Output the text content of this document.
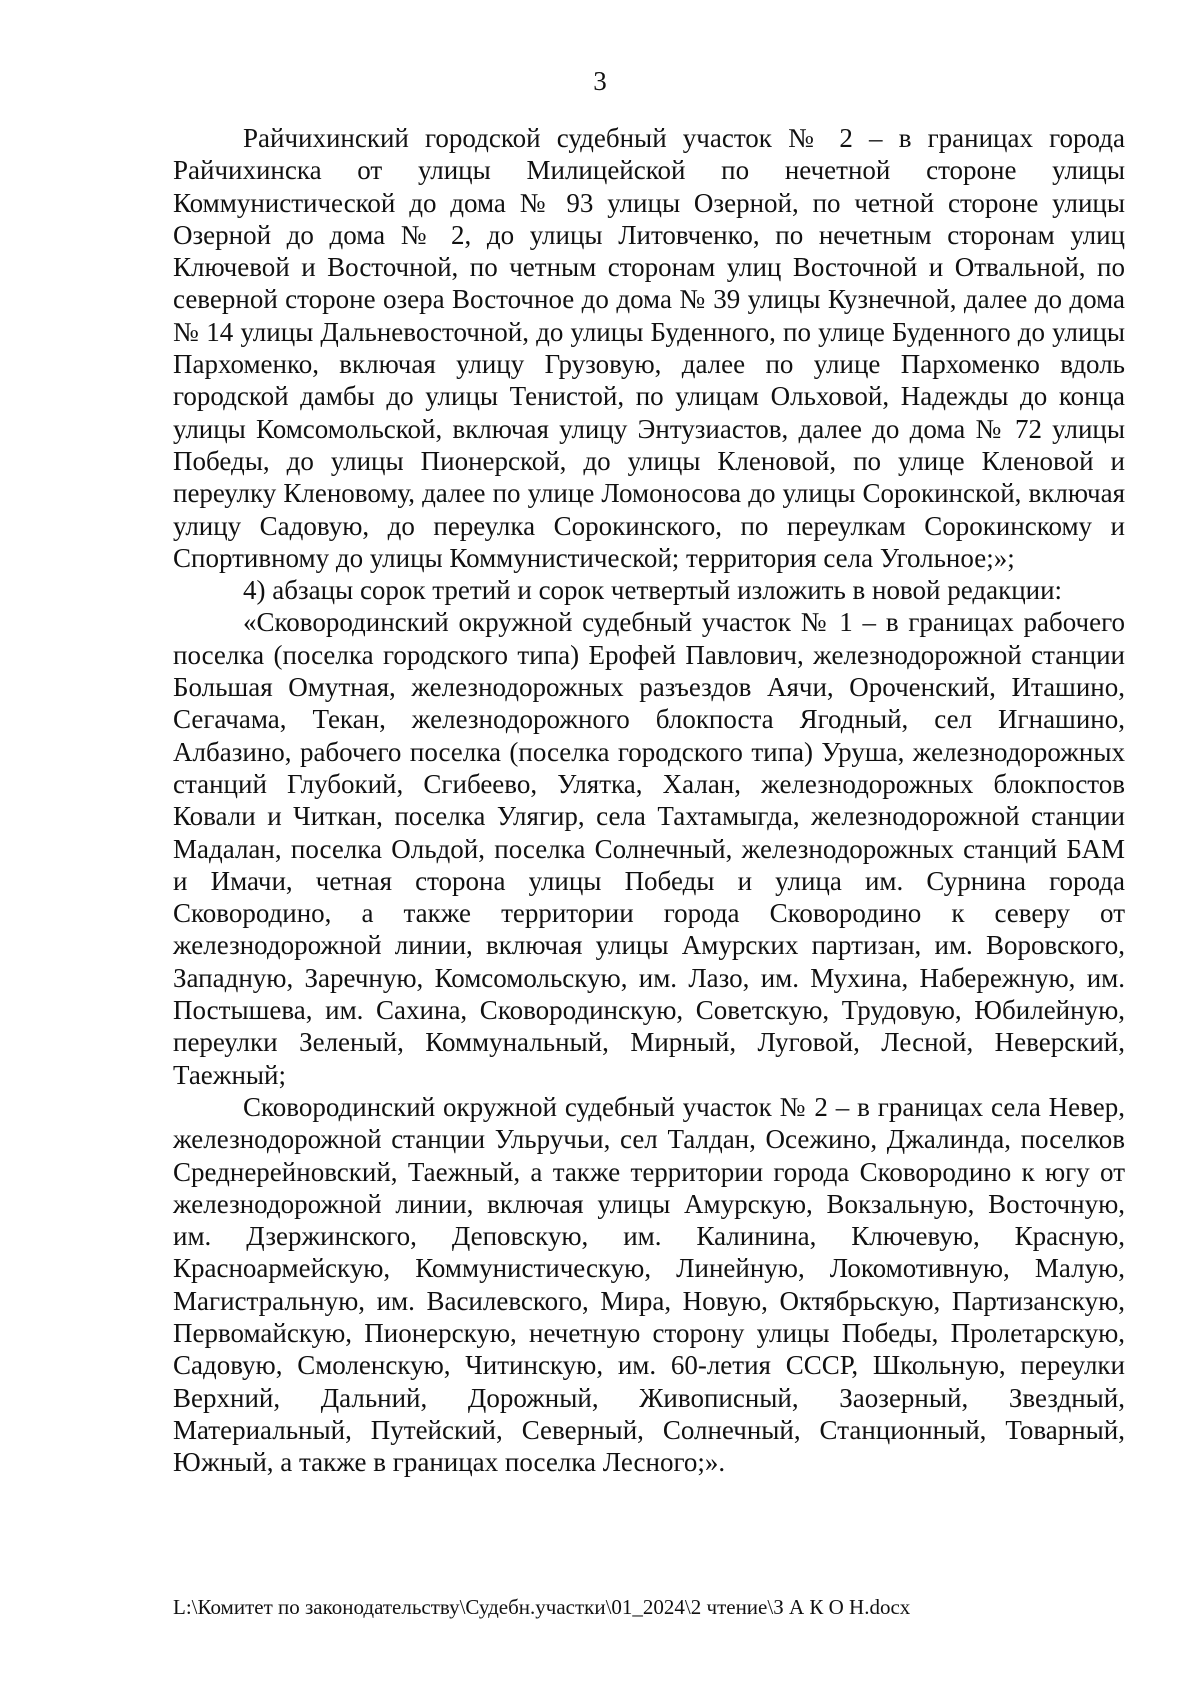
3

Райчихинский городской судебный участок № 2 – в границах города Райчихинска от улицы Милицейской по нечетной стороне улицы Коммунистической до дома № 93 улицы Озерной, по четной стороне улицы Озерной до дома № 2, до улицы Литовченко, по нечетным сторонам улиц Ключевой и Восточной, по четным сторонам улиц Восточной и Отвальной, по северной стороне озера Восточное до дома № 39 улицы Кузнечной, далее до дома № 14 улицы Дальневосточной, до улицы Буденного, по улице Буденного до улицы Пархоменко, включая улицу Грузовую, далее по улице Пархоменко вдоль городской дамбы до улицы Тенистой, по улицам Ольховой, Надежды до конца улицы Комсомольской, включая улицу Энтузиастов, далее до дома № 72 улицы Победы, до улицы Пионерской, до улицы Кленовой, по улице Кленовой и переулку Кленовому, далее по улице Ломоносова до улицы Сорокинской, включая улицу Садовую, до переулка Сорокинского, по переулкам Сорокинскому и Спортивному до улицы Коммунистической; территория села Угольное;»;

4) абзацы сорок третий и сорок четвертый изложить в новой редакции:

«Сковородинский окружной судебный участок № 1 – в границах рабочего поселка (поселка городского типа) Ерофей Павлович, железнодорожной станции Большая Омутная, железнодорожных разъездов Аячи, Ороченский, Иташино, Сегачама, Текан, железнодорожного блокпоста Ягодный, сел Игнашино, Албазино, рабочего поселка (поселка городского типа) Уруша, железнодорожных станций Глубокий, Сгибеево, Улятка, Халан, железнодорожных блокпостов Ковали и Читкан, поселка Улягир, села Тахтамыгда, железнодорожной станции Мадалан, поселка Ольдой, поселка Солнечный, железнодорожных станций БАМ и Имачи, четная сторона улицы Победы и улица им. Сурнина города Сковородино, а также территории города Сковородино к северу от железнодорожной линии, включая улицы Амурских партизан, им. Воровского, Западную, Заречную, Комсомольскую, им. Лазо, им. Мухина, Набережную, им. Постышева, им. Сахина, Сковородинскую, Советскую, Трудовую, Юбилейную, переулки Зеленый, Коммунальный, Мирный, Луговой, Лесной, Неверский, Таежный;

Сковородинский окружной судебный участок № 2 – в границах села Невер, железнодорожной станции Ульручьи, сел Талдан, Осежино, Джалинда, поселков Среднерейновский, Таежный, а также территории города Сковородино к югу от железнодорожной линии, включая улицы Амурскую, Вокзальную, Восточную, им. Дзержинского, Деповскую, им. Калинина, Ключевую, Красную, Красноармейскую, Коммунистическую, Линейную, Локомотивную, Малую, Магистральную, им. Василевского, Мира, Новую, Октябрьскую, Партизанскую, Первомайскую, Пионерскую, нечетную сторону улицы Победы, Пролетарскую, Садовую, Смоленскую, Читинскую, им. 60-летия СССР, Школьную, переулки Верхний, Дальний, Дорожный, Живописный, Заозерный, Звездный, Материальный, Путейский, Северный, Солнечный, Станционный, Товарный, Южный, а также в границах поселка Лесного;».

L:\Комитет по законодательству\Судебн.участки\01_2024\2 чтение\З А К О Н.docx
